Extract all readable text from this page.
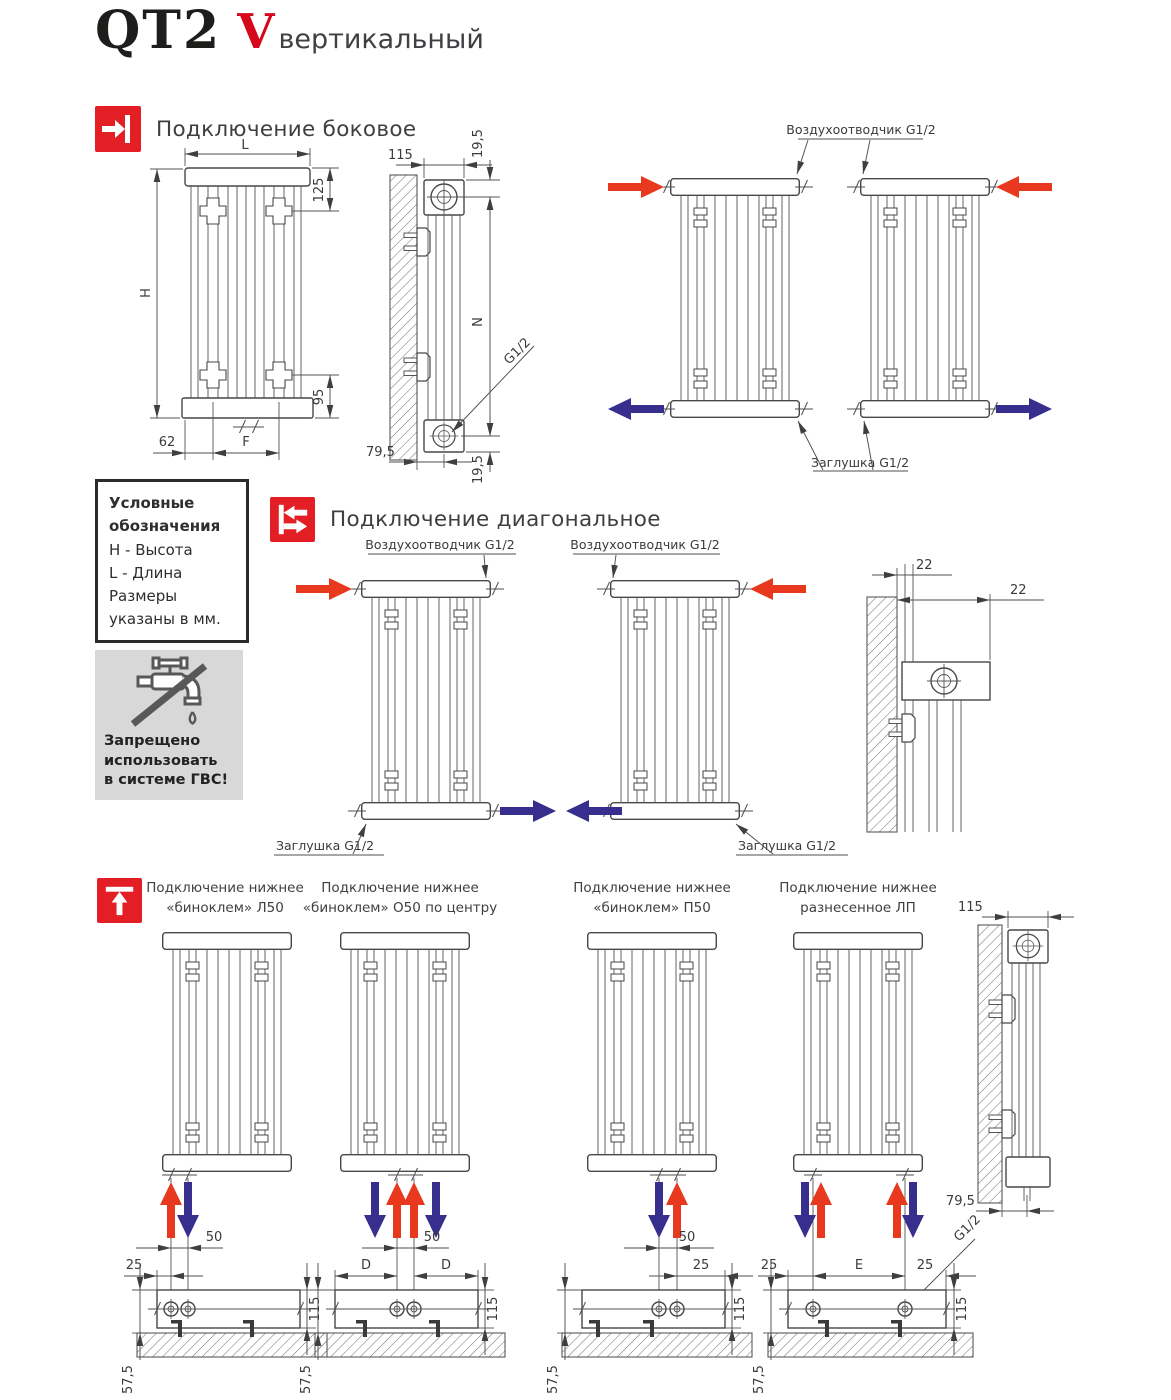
QT2 V вертикальный
Подключение боковое
L
H
125
95
62	F
115	19,5
N
G1/2
19,5
79,5
Воздухоотводчик G1/2
Заглушка G1/2
Условные
обозначения
H - Высота
L - Длина
Размеры
указаны в мм.
Запрещено
использовать
в системе ГВС!
Подключение диагональное
Воздухоотводчик G1/2	Воздухоотводчик G1/2
Заглушка G1/2	Заглушка G1/2
22
22
Подключение нижнее
«биноклем» Л50
Подключение нижнее
«биноклем» О50 по центру
Подключение нижнее
«биноклем» П50
Подключение нижнее
разнесенное ЛП
50
25
115
57,5
50
D	D
115
57,5
50
25
115
57,5
25	E	25
G1/2
115
57,5
115
79,5
